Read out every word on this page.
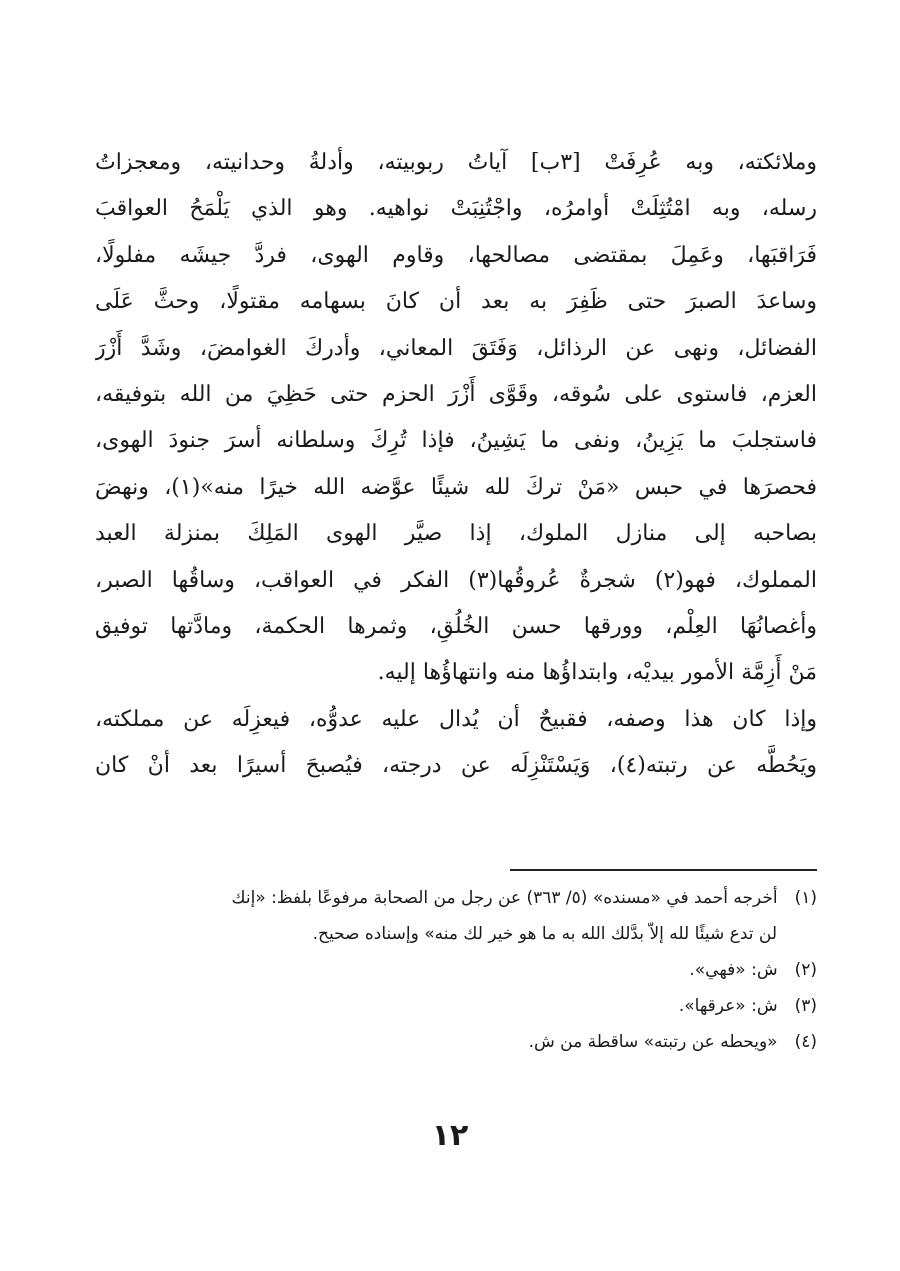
وملائكته، وبه عُرِفَتْ [٣ب] آياتُ ربوبيته، وأدلةُ وحدانيته، ومعجزاتُ
رسله، وبه امْتُثِلَتْ أوامرُه، واجْتُنِبَتْ نواهيه. وهو الذي يَلْمَحُ العواقبَ
فَرَاقبَها، وعَمِلَ بمقتضى مصالحها، وقاوم الهوى، فردَّ جيشَه مفلولًا،
وساعدَ الصبرَ حتى ظَفِرَ به بعد أن كانَ بسهامه مقتولًا، وحثَّ عَلَى
الفضائل، ونهى عن الرذائل، وَفَتَقَ المعاني، وأدركَ الغوامضَ، وشَدَّ أَزْرَ
العزم، فاستوى على سُوقه، وقَوَّى أَزْرَ الحزم حتى حَظِيَ من الله بتوفيقه،
فاستجلبَ ما يَزِينُ، ونفى ما يَشِينُ، فإذا تُرِكَ وسلطانه أسرَ جنودَ الهوى،
فحصرَها في حبس «مَنْ تركَ لله شيئًا عوَّضه الله خيرًا منه»(١)، ونهضَ
بصاحبه إلى منازل الملوك، إذا صيَّر الهوى المَلِكَ بمنزلة العبد
المملوك، فهو(٢) شجرةٌ عُروقُها(٣) الفكر في العواقب، وساقُها الصبر،
وأغصانُهَا العِلْم، وورقها حسن الخُلُقِ، وثمرها الحكمة، ومادَّتها توفيق
مَنْ أَزِمَّة الأمور بيديْه، وابتداؤُها منه وانتهاؤُها إليه.
وإذا كان هذا وصفه، فقبيحٌ أن يُدال عليه عدوُّه، فيعزِلَه عن مملكته،
ويَحُطَّه عن رتبته(٤)، وَيَسْتَنْزِلَه عن درجته، فيُصبحَ أسيرًا بعد أنْ كان
(١) أخرجه أحمد في «مسنده» (٥/ ٣٦٣) عن رجل من الصحابة مرفوعًا بلفظ: «إنك
لن تدع شيئًا لله إلاّ بدَّلك الله به ما هو خير لك منه» وإسناده صحيح.
(٢) ش: «فهي».
(٣) ش: «عرقها».
(٤) «ويحطه عن رتبته» ساقطة من ش.
١٢
